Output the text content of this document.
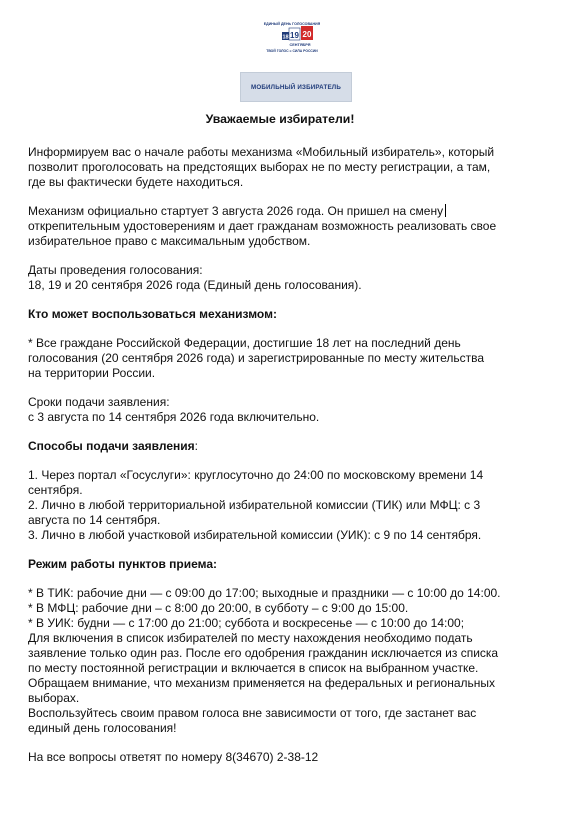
ЕДИНЫЙ ДЕНЬ ГОЛОСОВАНИЯ
18 19 20
СЕНТЯБРЯ
ТВОЙ ГОЛОС = СИЛА РОССИИ
МОБИЛЬНЫЙ ИЗБИРАТЕЛЬ
Уважаемые избиратели!
Информируем вас о начале работы механизма «Мобильный избиратель», который
позволит проголосовать на предстоящих выборах не по месту регистрации, а там,
где вы фактически будете находиться.
Механизм официально стартует 3 августа 2026 года. Он пришел на смену
открепительным удостоверениям и дает гражданам возможность реализовать свое
избирательное право с максимальным удобством.
Даты проведения голосования:
18, 19 и 20 сентября 2026 года (Единый день голосования).
Кто может воспользоваться механизмом:
* Все граждане Российской Федерации, достигшие 18 лет на последний день
голосования (20 сентября 2026 года) и зарегистрированные по месту жительства
на территории России.
Сроки подачи заявления:
с 3 августа по 14 сентября 2026 года включительно.
Способы подачи заявления:
1. Через портал «Госуслуги»: круглосуточно до 24:00 по московскому времени 14
сентября.
2. Лично в любой территориальной избирательной комиссии (ТИК) или МФЦ: с 3
августа по 14 сентября.
3. Лично в любой участковой избирательной комиссии (УИК): с 9 по 14 сентября.
Режим работы пунктов приема:
* В ТИК: рабочие дни — с 09:00 до 17:00; выходные и праздники — с 10:00 до 14:00.
* В МФЦ: рабочие дни – с 8:00 до 20:00, в субботу – с 9:00 до 15:00.
* В УИК: будни — с 17:00 до 21:00; суббота и воскресенье — с 10:00 до 14:00;
Для включения в список избирателей по месту нахождения необходимо подать
заявление только один раз. После его одобрения гражданин исключается из списка
по месту постоянной регистрации и включается в список на выбранном участке.
Обращаем внимание, что механизм применяется на федеральных и региональных
выборах.
Воспользуйтесь своим правом голоса вне зависимости от того, где застанет вас
единый день голосования!
На все вопросы ответят по номеру 8(34670) 2-38-12
